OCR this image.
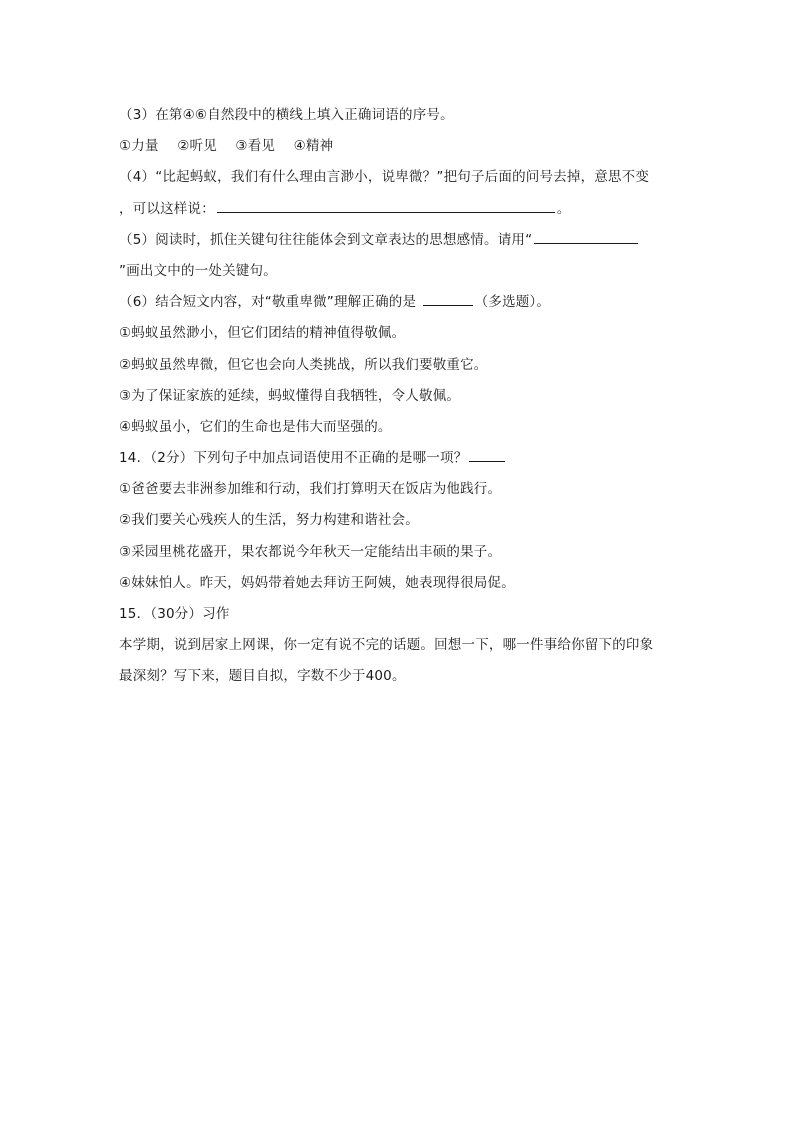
（3）在第④⑥自然段中的横线上填入正确词语的序号。
①力量 ②听见 ③看见 ④精神
（4）“比起蚂蚁，我们有什么理由言渺小，说卑微？”把句子后面的问号去掉，意思不变
，可以这样说：	。
（5）阅读时，抓住关键句往往能体会到文章表达的思想感情。请用“
”画出文中的一处关键句。
（6）结合短文内容，对“敬重卑微”理解正确的是	（多选题）。
①蚂蚁虽然渺小，但它们团结的精神值得敬佩。
②蚂蚁虽然卑微，但它也会向人类挑战，所以我们要敬重它。
③为了保证家族的延续，蚂蚁懂得自我牺牲，令人敬佩。
④蚂蚁虽小，它们的生命也是伟大而坚强的。
14．（2分）下列句子中加点词语使用不正确的是哪一项？
①爸爸要去非洲参加维和行动，我们打算明天在饭店为他践行。
②我们要关心残疾人的生活，努力构建和谐社会。
③采园里桃花盛开，果农都说今年秋天一定能结出丰硕的果子。
④妹妹怕人。昨天，妈妈带着她去拜访王阿姨，她表现得很局促。
15．（30分）习作
本学期，说到居家上网课，你一定有说不完的话题。回想一下，哪一件事给你留下的印象
最深刻？写下来，题目自拟，字数不少于400。
